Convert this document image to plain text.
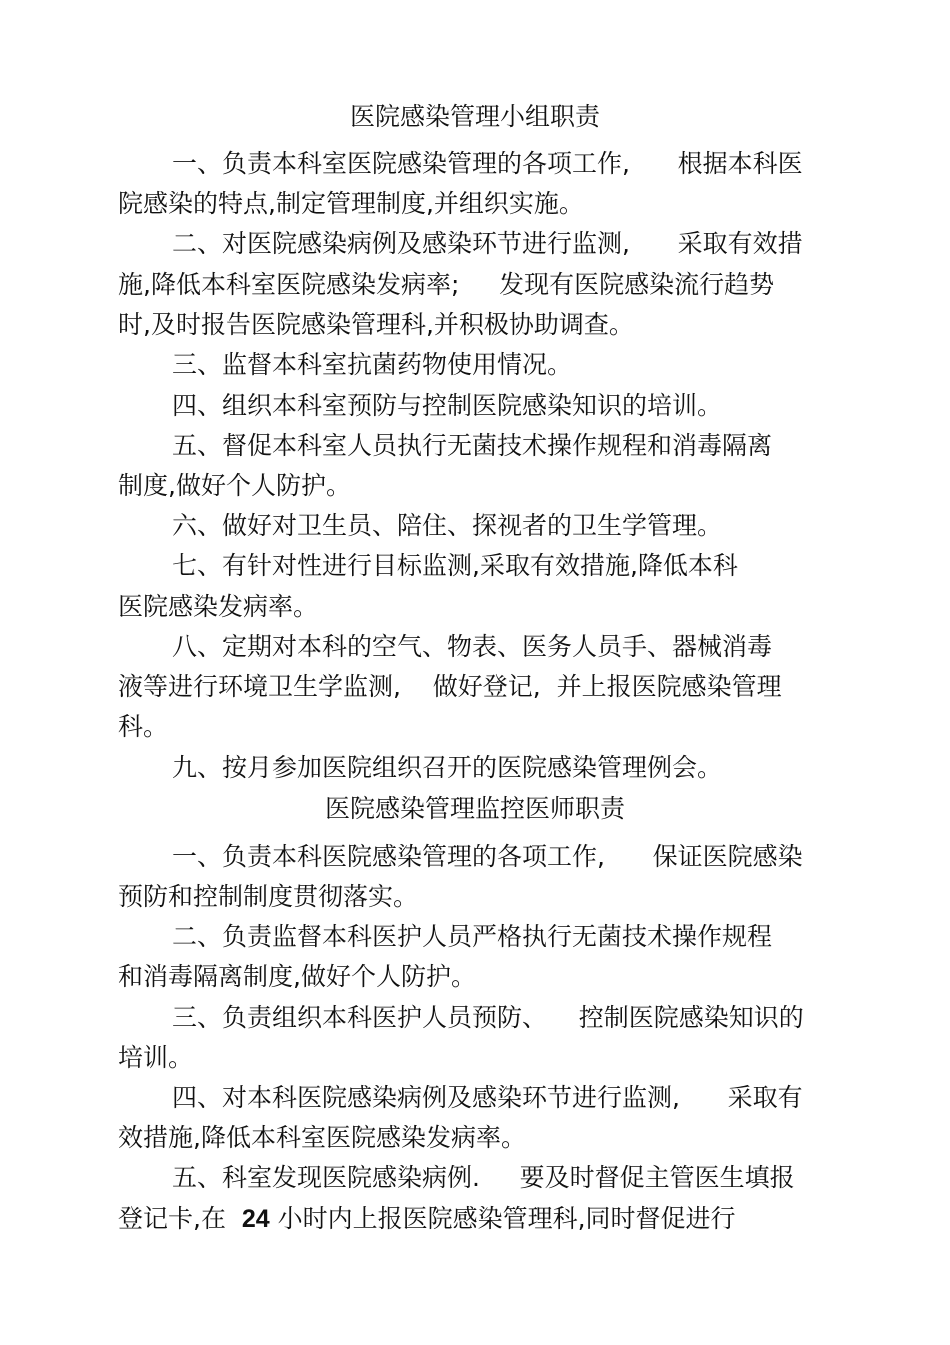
医院感染管理小组职责
一、负责本科室医院感染管理的各项工作,      根据本科医
院感染的特点,制定管理制度,并组织实施。
二、对医院感染病例及感染环节进行监测,      采取有效措
施,降低本科室医院感染发病率;     发现有医院感染流行趋势
时,及时报告医院感染管理科,并积极协助调查。
三、监督本科室抗菌药物使用情况。
四、组织本科室预防与控制医院感染知识的培训。
五、督促本科室人员执行无菌技术操作规程和消毒隔离
制度,做好个人防护。
六、做好对卫生员、陪住、探视者的卫生学管理。
七、有针对性进行目标监测,采取有效措施,降低本科
医院感染发病率。
八、定期对本科的空气、物表、医务人员手、器械消毒
液等进行环境卫生学监测,    做好登记,  并上报医院感染管理
科。
九、按月参加医院组织召开的医院感染管理例会。
医院感染管理监控医师职责
一、负责本科医院感染管理的各项工作,      保证医院感染
预防和控制制度贯彻落实。
二、负责监督本科医护人员严格执行无菌技术操作规程
和消毒隔离制度,做好个人防护。
三、负责组织本科医护人员预防、    控制医院感染知识的
培训。
四、对本科医院感染病例及感染环节进行监测,      采取有
效措施,降低本科室医院感染发病率。
五、科室发现医院感染病例.     要及时督促主管医生填报
登记卡,在  24 小时内上报医院感染管理科,同时督促进行
